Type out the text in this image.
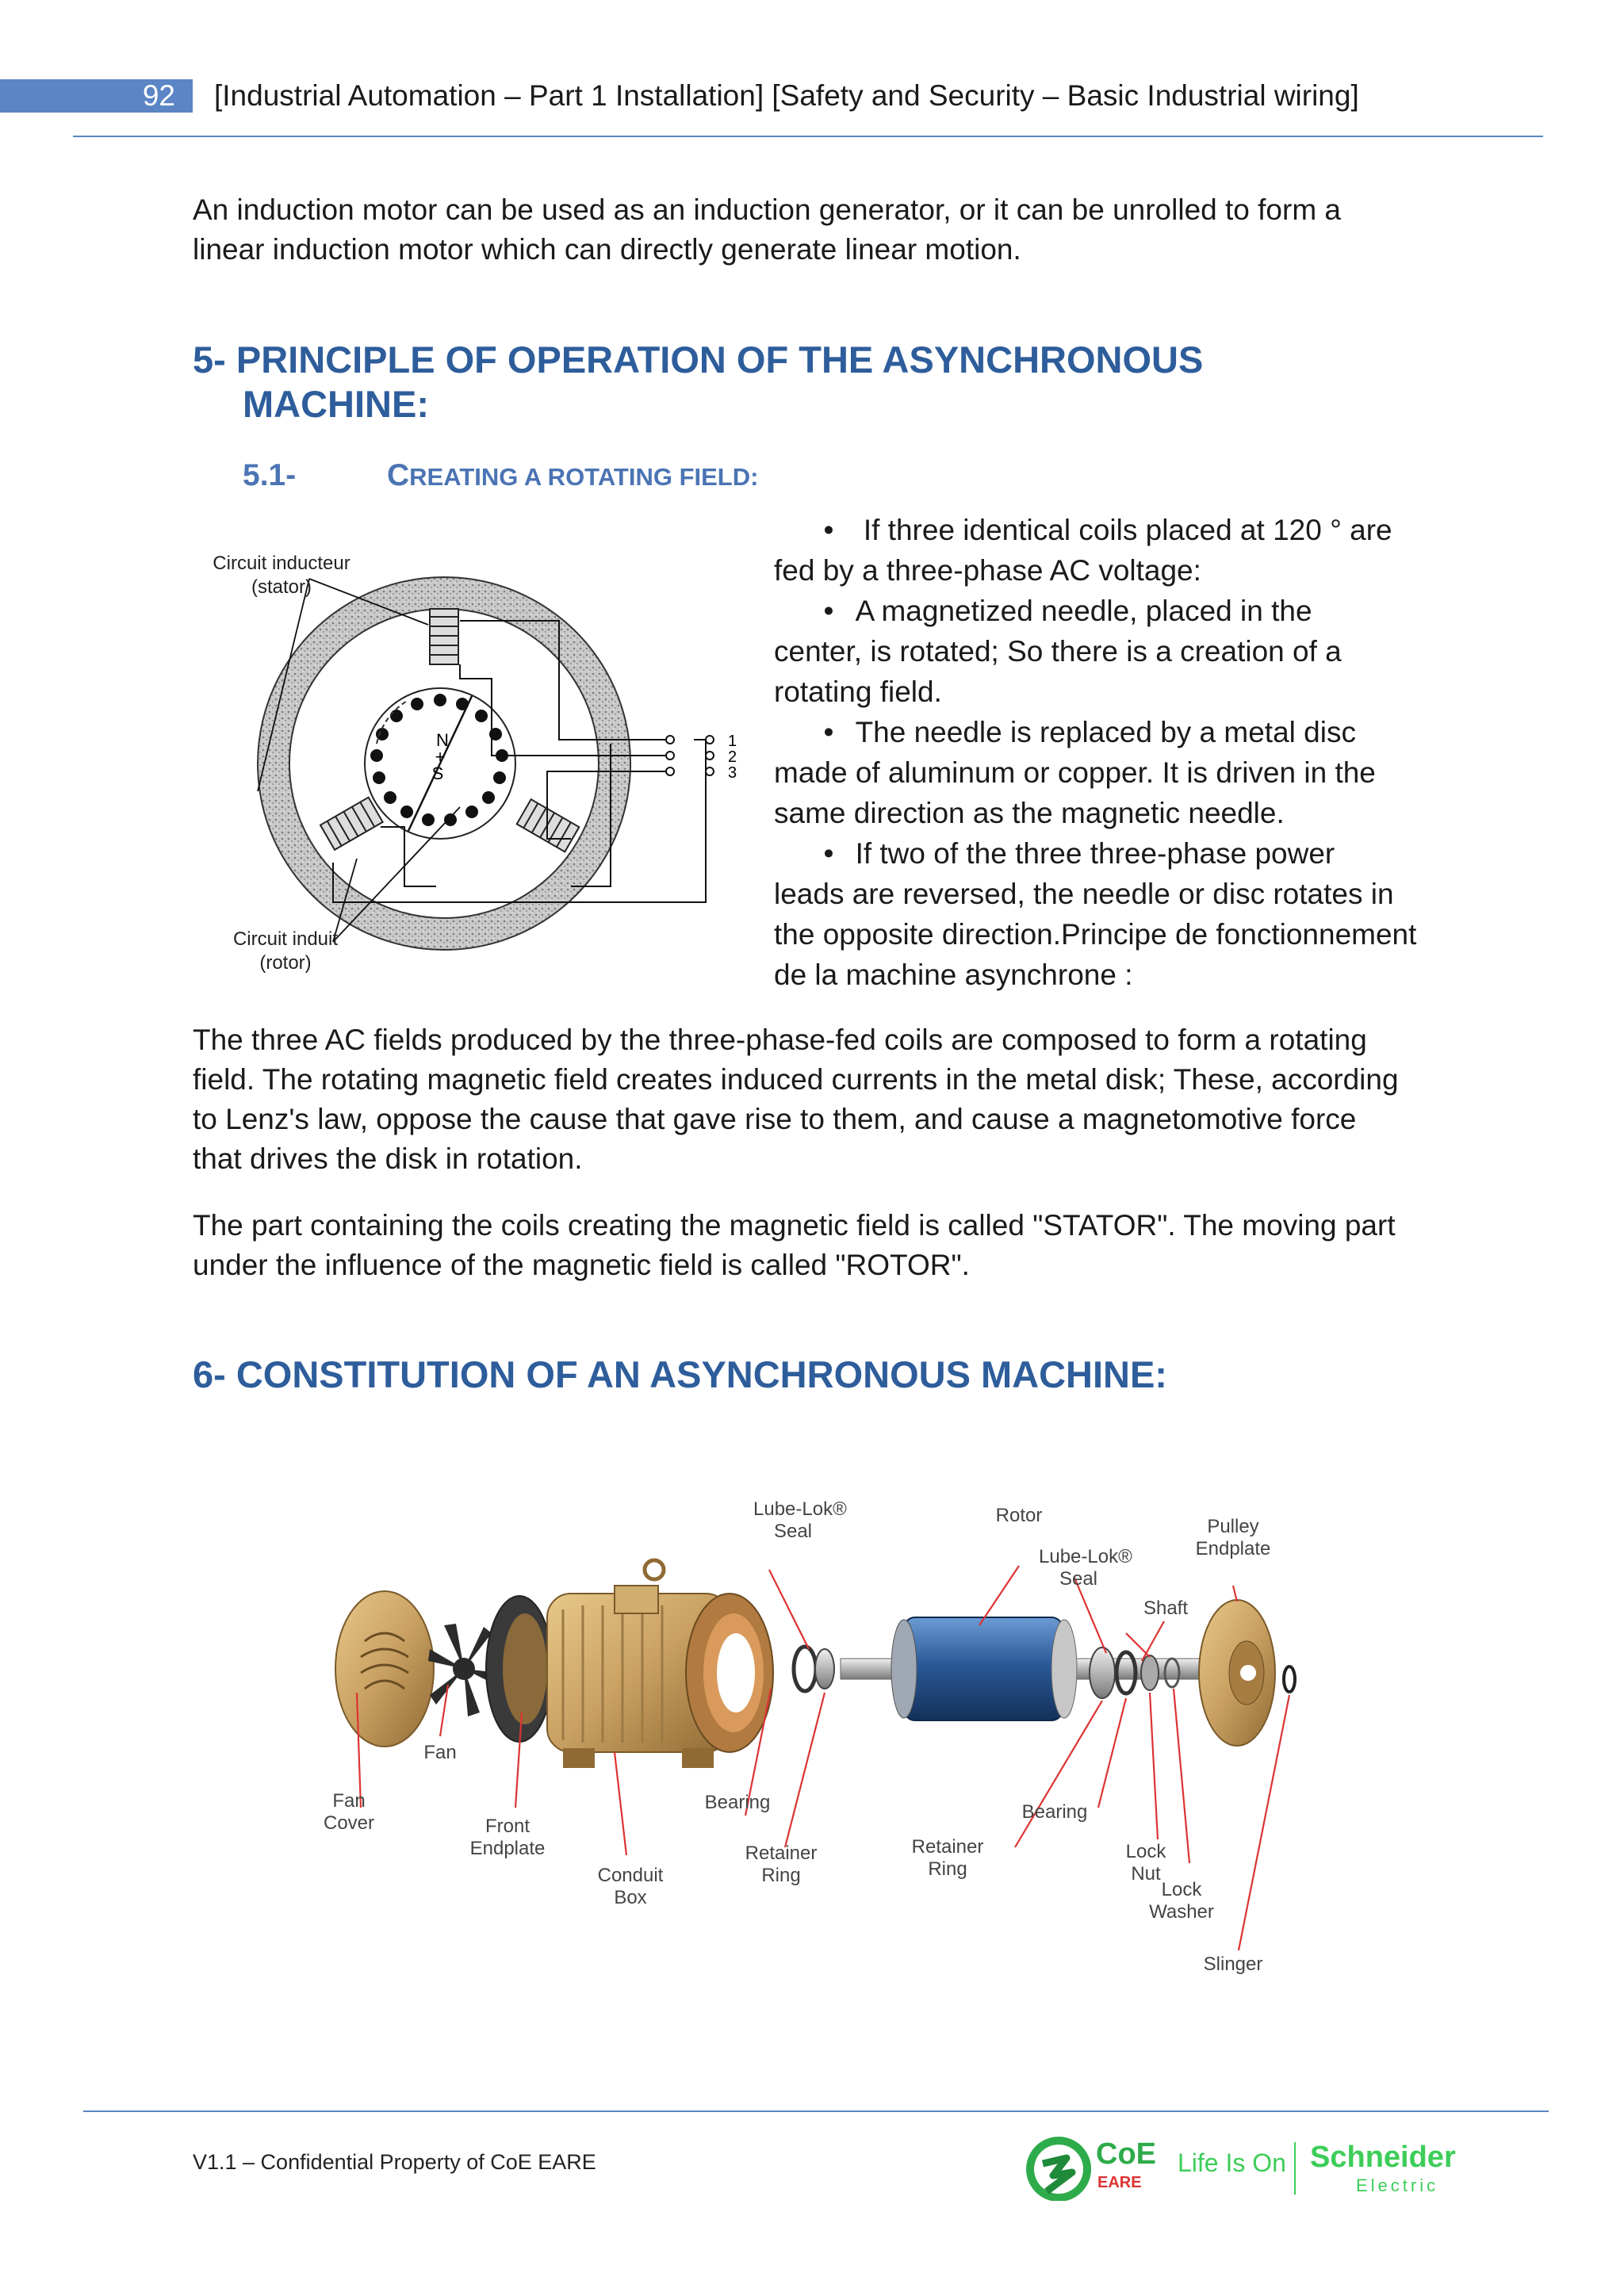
92	[Industrial Automation – Part 1 Installation] [Safety and Security – Basic Industrial wiring]
An induction motor can be used as an induction generator, or it can be unrolled to form a
linear induction motor which can directly generate linear motion.
5- PRINCIPLE OF OPERATION OF THE ASYNCHRONOUS
MACHINE:
5.1-	CREATING A ROTATING FIELD:
N
+
S
1
2
3
Circuit inducteur
(stator)
Circuit induit
(rotor)
• If three identical coils placed at 120 ° are
fed by a three-phase AC voltage:
• A magnetized needle, placed in the
center, is rotated; So there is a creation of a
rotating field.
• The needle is replaced by a metal disc
made of aluminum or copper. It is driven in the
same direction as the magnetic needle.
• If two of the three three-phase power
leads are reversed, the needle or disc rotates in
the opposite direction.Principe de fonctionnement
de la machine asynchrone :
The three AC fields produced by the three-phase-fed coils are composed to form a rotating
field. The rotating magnetic field creates induced currents in the metal disk; These, according
to Lenz's law, oppose the cause that gave rise to them, and cause a magnetomotive force
that drives the disk in rotation.
The part containing the coils creating the magnetic field is called "STATOR". The moving part
under the influence of the magnetic field is called "ROTOR".
6- CONSTITUTION OF AN ASYNCHRONOUS MACHINE:
Lube-Lok®
Seal
Rotor
Lube-Lok®
Seal
Pulley
Endplate
Shaft
Fan
Fan
Cover	Front
Endplate
Conduit
Box
Bearing
Retainer
Ring
Retainer
Ring
Bearing
Lock
Nut
Lock
Washer
Slinger
V1.1 – Confidential Property of CoE EARE	CoE
EARE
Life Is On Schneider
Electric
